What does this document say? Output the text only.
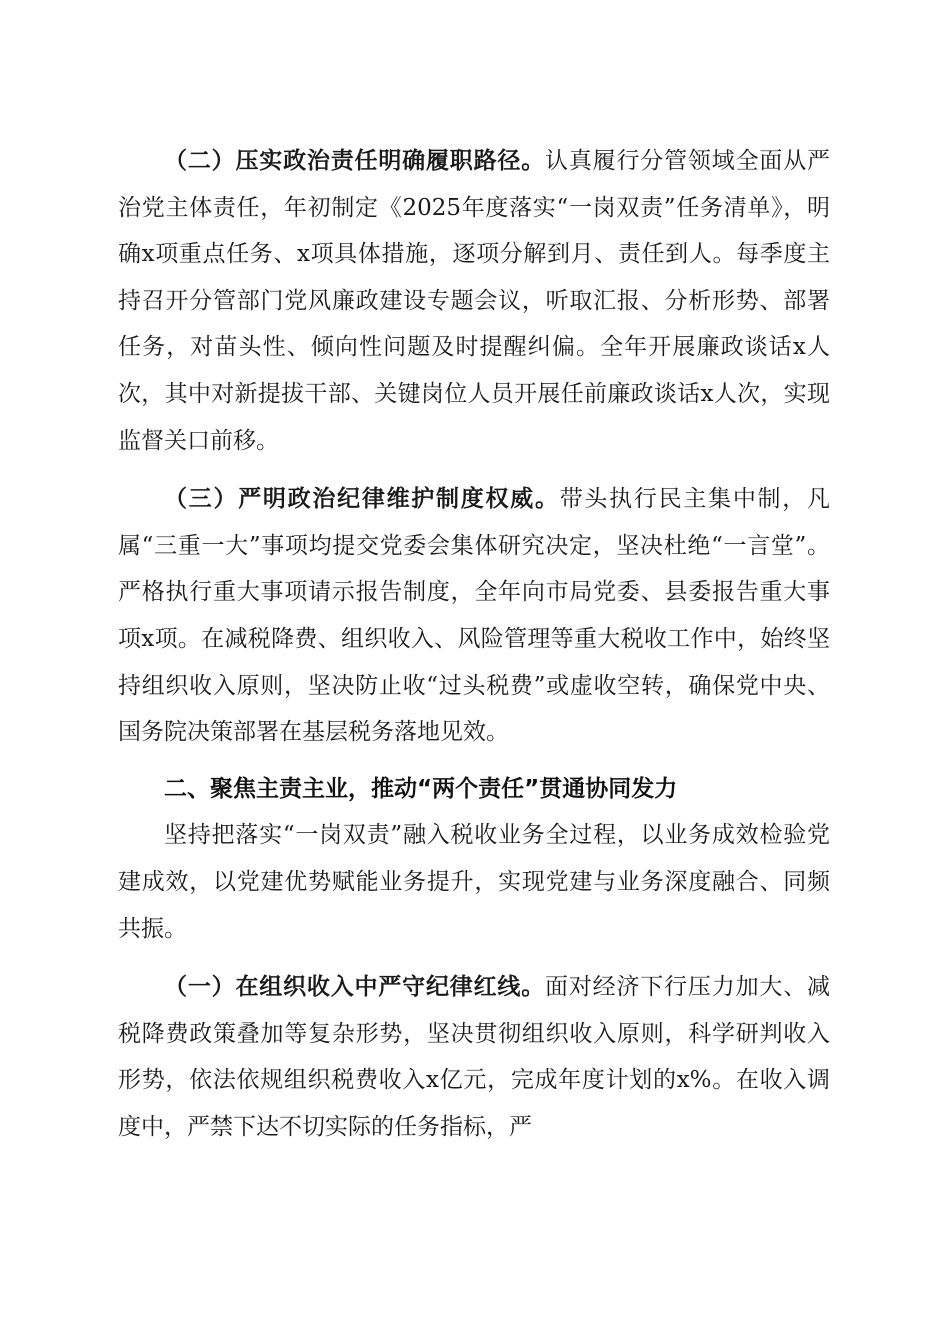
（二）压实政治责任明确履职路径。认真履行分管领域全面从严治党主体责任，年初制定《2025年度落实“一岗双责”任务清单》，明确x项重点任务、x项具体措施，逐项分解到月、责任到人。每季度主持召开分管部门党风廉政建设专题会议，听取汇报、分析形势、部署任务，对苗头性、倾向性问题及时提醒纠偏。全年开展廉政谈话x人次，其中对新提拔干部、关键岗位人员开展任前廉政谈话x人次，实现监督关口前移。

（三）严明政治纪律维护制度权威。带头执行民主集中制，凡属“三重一大”事项均提交党委会集体研究决定，坚决杜绝“一言堂”。严格执行重大事项请示报告制度，全年向市局党委、县委报告重大事项x项。在减税降费、组织收入、风险管理等重大税收工作中，始终坚持组织收入原则，坚决防止收“过头税费”或虚收空转，确保党中央、国务院决策部署在基层税务落地见效。

二、聚焦主责主业，推动“两个责任”贯通协同发力

坚持把落实“一岗双责”融入税收业务全过程，以业务成效检验党建成效，以党建优势赋能业务提升，实现党建与业务深度融合、同频共振。

（一）在组织收入中严守纪律红线。面对经济下行压力加大、减税降费政策叠加等复杂形势，坚决贯彻组织收入原则，科学研判收入形势，依法依规组织税费收入x亿元，完成年度计划的x%。在收入调度中，严禁下达不切实际的任务指标，严
